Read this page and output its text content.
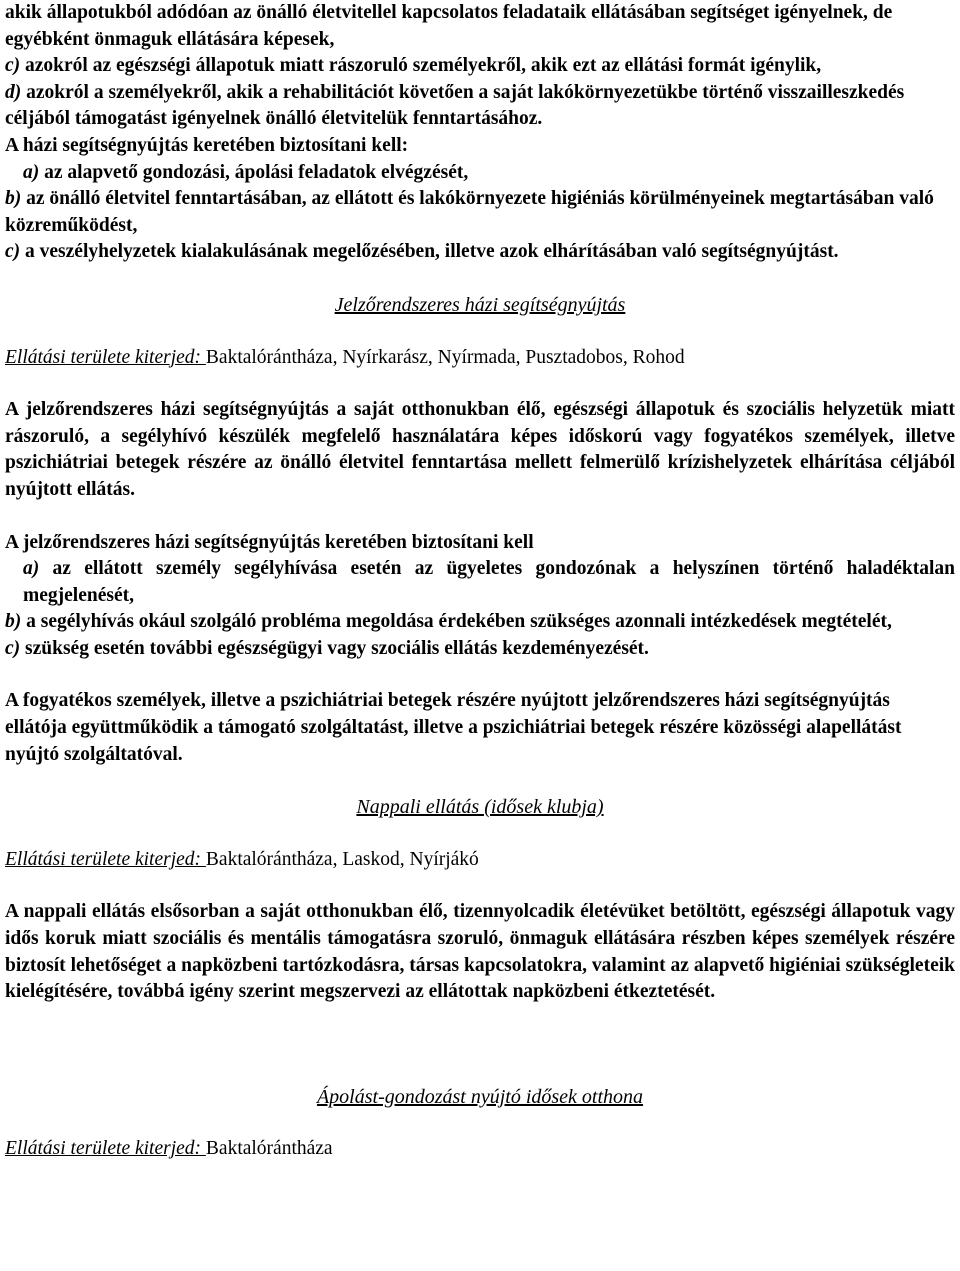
akik állapotukból adódóan az önálló életvitellel kapcsolatos feladataik ellátásában segítséget igényelnek, de egyébként önmaguk ellátására képesek,

c) azokról az egészségi állapotuk miatt rászoruló személyekről, akik ezt az ellátási formát igénylik,

d) azokról a személyekről, akik a rehabilitációt követően a saját lakókörnyezetükbe történő visszailleszkedés céljából támogatást igényelnek önálló életvitelük fenntartásához.

A házi segítségnyújtás keretében biztosítani kell:

a) az alapvető gondozási, ápolási feladatok elvégzését,

b) az önálló életvitel fenntartásában, az ellátott és lakókörnyezete higiéniás körülményeinek megtartásában való közreműködést,

c) a veszélyhelyzetek kialakulásának megelőzésében, illetve azok elhárításában való segítségnyújtást.

Jelzőrendszeres házi segítségnyújtás

Ellátási területe kiterjed: Baktalórántháza, Nyírkarász, Nyírmada, Pusztadobos, Rohod

A jelzőrendszeres házi segítségnyújtás a saját otthonukban élő, egészségi állapotuk és szociális helyzetük miatt rászoruló, a segélyhívó készülék megfelelő használatára képes időskorú vagy fogyatékos személyek, illetve pszichiátriai betegek részére az önálló életvitel fenntartása mellett felmerülő krízishelyzetek elhárítása céljából nyújtott ellátás.

A jelzőrendszeres házi segítségnyújtás keretében biztosítani kell

a) az ellátott személy segélyhívása esetén az ügyeletes gondozónak a helyszínen történő haladéktalan megjelenését,

b) a segélyhívás okául szolgáló probléma megoldása érdekében szükséges azonnali intézkedések megtételét,

c) szükség esetén további egészségügyi vagy szociális ellátás kezdeményezését.

A fogyatékos személyek, illetve a pszichiátriai betegek részére nyújtott jelzőrendszeres házi segítségnyújtás ellátója együttműködik a támogató szolgáltatást, illetve a pszichiátriai betegek részére közösségi alapellátást nyújtó szolgáltatóval.

Nappali ellátás (idősek klubja)

Ellátási területe kiterjed: Baktalórántháza, Laskod, Nyírjákó

A nappali ellátás elsősorban a saját otthonukban élő, tizennyolcadik életévüket betöltött, egészségi állapotuk vagy idős koruk miatt szociális és mentális támogatásra szoruló, önmaguk ellátására részben képes személyek részére biztosít lehetőséget a napközbeni tartózkodásra, társas kapcsolatokra, valamint az alapvető higiéniai szükségleteik kielégítésére, továbbá igény szerint megszervezi az ellátottak napközbeni étkeztetését.

Ápolást-gondozást nyújtó idősek otthona

Ellátási területe kiterjed: Baktalórántháza
